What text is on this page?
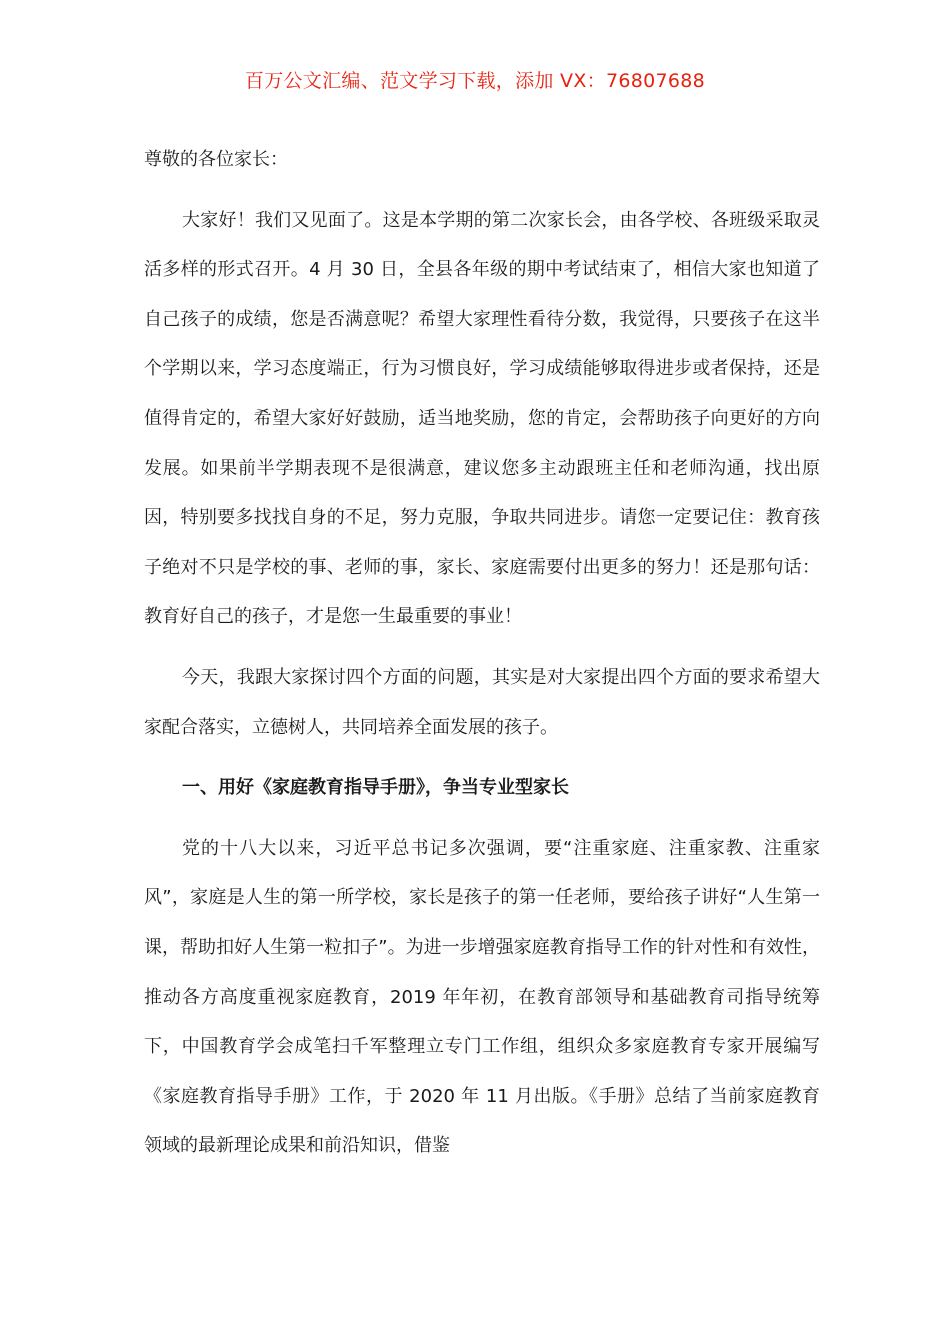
百万公文汇编、范文学习下载，添加 VX：76807688

尊敬的各位家长：

大家好！我们又见面了。这是本学期的第二次家长会，由各学校、各班级采取灵活多样的形式召开。4 月 30 日，全县各年级的期中考试结束了，相信大家也知道了自己孩子的成绩，您是否满意呢？希望大家理性看待分数，我觉得，只要孩子在这半个学期以来，学习态度端正，行为习惯良好，学习成绩能够取得进步或者保持，还是值得肯定的，希望大家好好鼓励，适当地奖励，您的肯定，会帮助孩子向更好的方向发展。如果前半学期表现不是很满意，建议您多主动跟班主任和老师沟通，找出原因，特别要多找找自身的不足，努力克服，争取共同进步。请您一定要记住：教育孩子绝对不只是学校的事、老师的事，家长、家庭需要付出更多的努力！还是那句话：教育好自己的孩子，才是您一生最重要的事业！

今天，我跟大家探讨四个方面的问题，其实是对大家提出四个方面的要求希望大家配合落实，立德树人，共同培养全面发展的孩子。

一、用好《家庭教育指导手册》，争当专业型家长

党的十八大以来，习近平总书记多次强调，要“注重家庭、注重家教、注重家风”，家庭是人生的第一所学校，家长是孩子的第一任老师，要给孩子讲好“人生第一课，帮助扣好人生第一粒扣子”。为进一步增强家庭教育指导工作的针对性和有效性，推动各方高度重视家庭教育，2019 年年初，在教育部领导和基础教育司指导统筹下，中国教育学会成笔扫千军整理立专门工作组，组织众多家庭教育专家开展编写《家庭教育指导手册》工作，于 2020 年 11 月出版。《手册》总结了当前家庭教育领域的最新理论成果和前沿知识，借鉴
